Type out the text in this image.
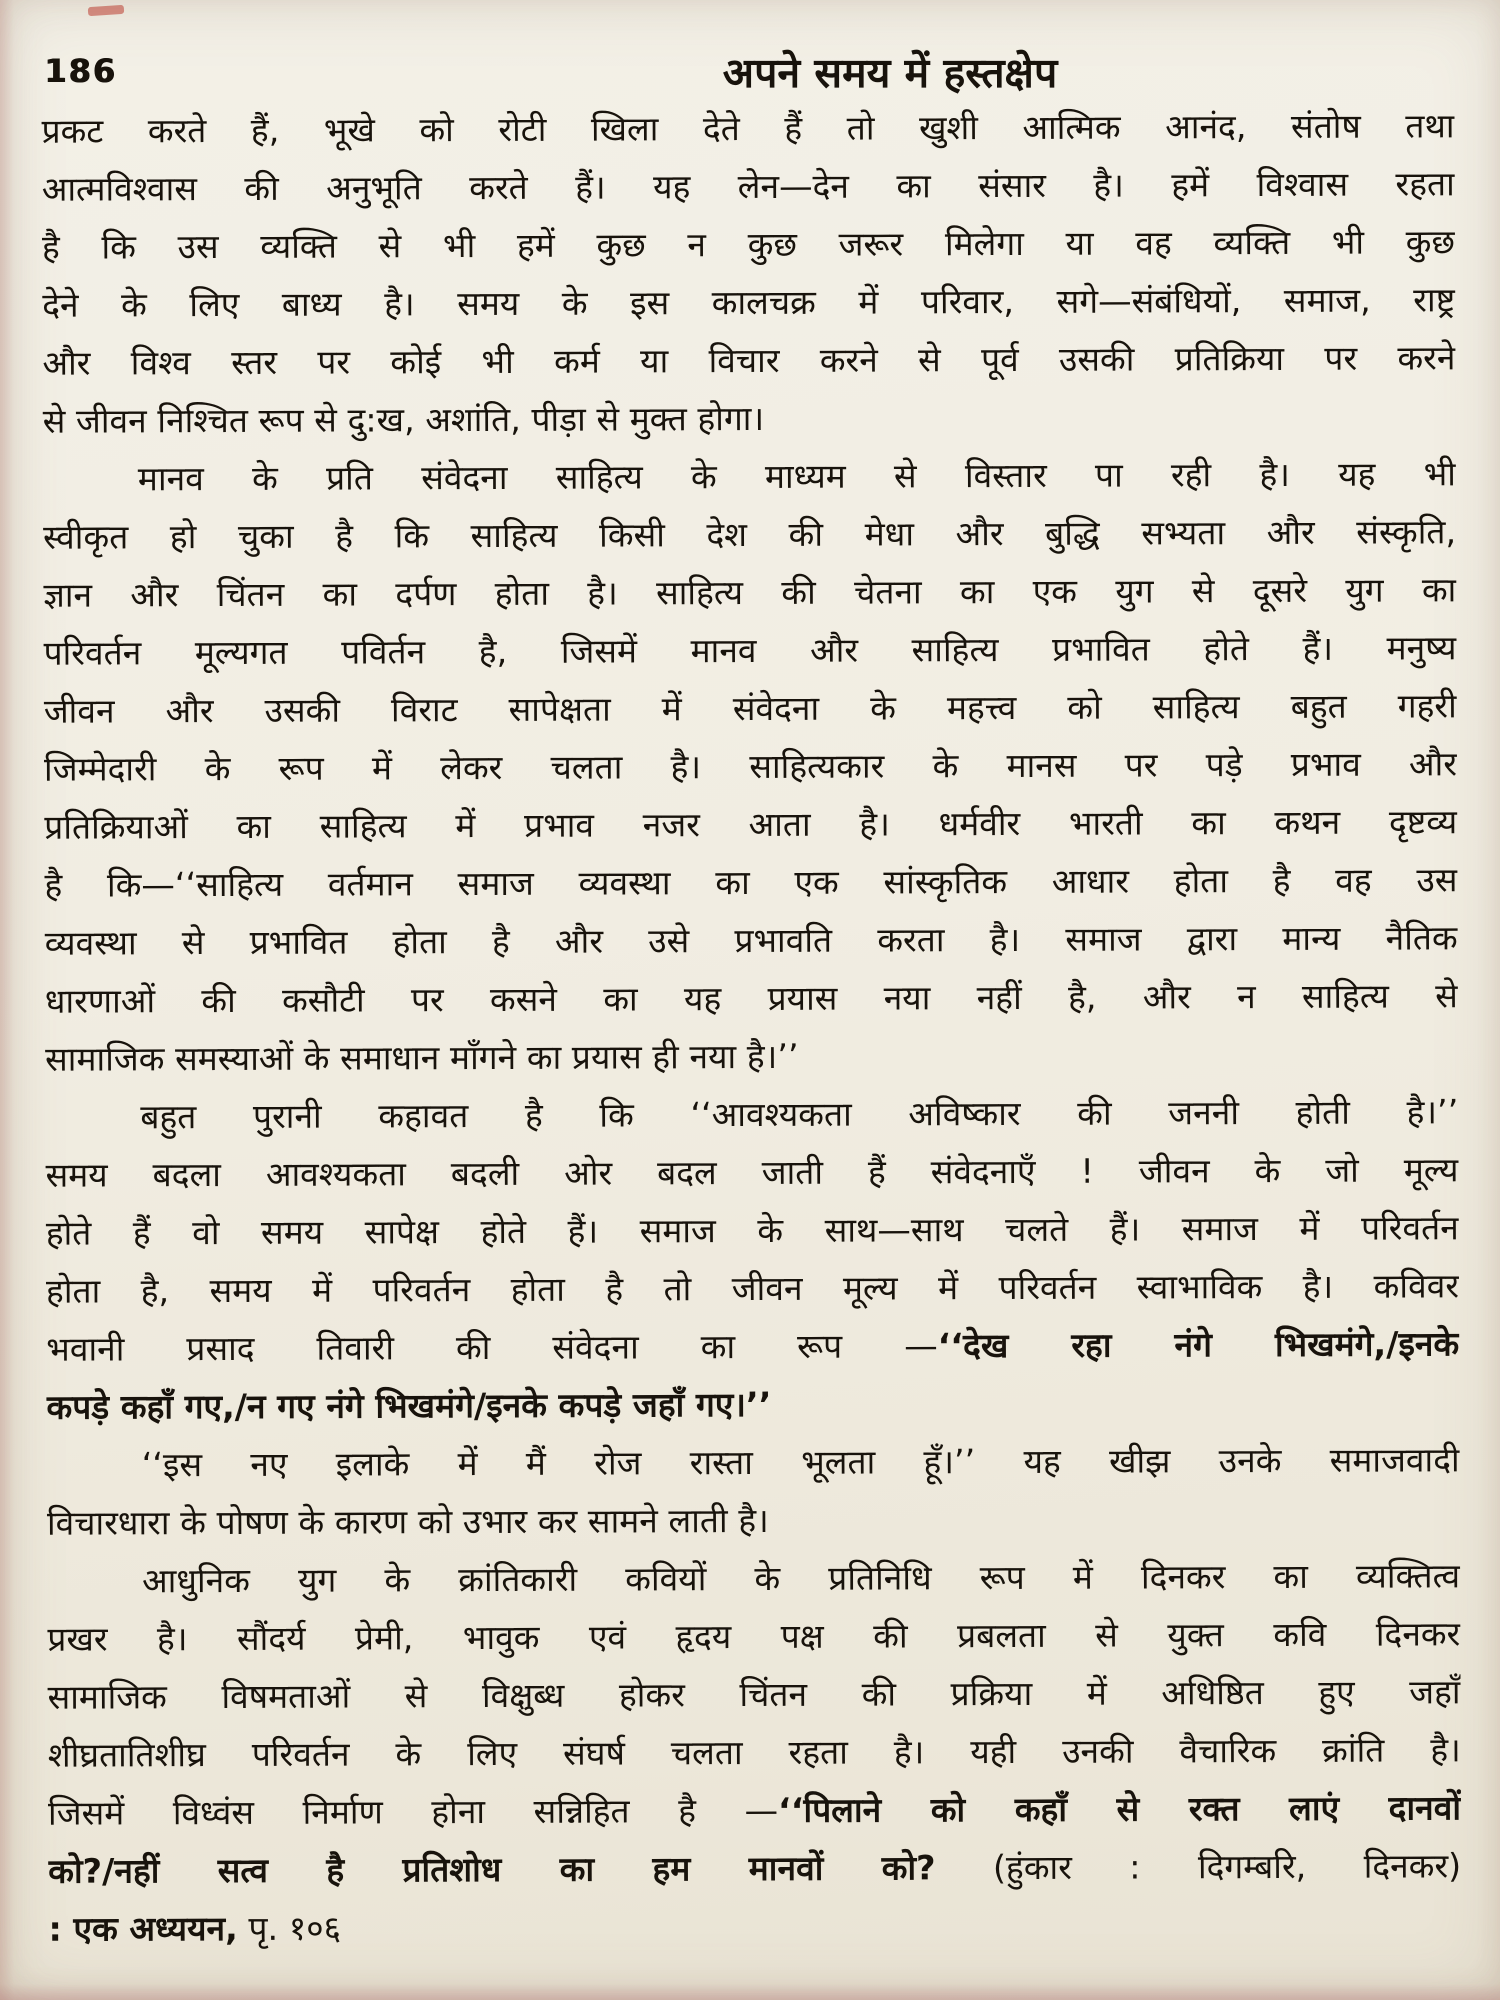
186	अपने समय में हस्तक्षेप
प्रकट करते हैं, भूखे को रोटी खिला देते हैं तो खुशी आत्मिक आनंद, संतोष तथा
आत्मविश्वास की अनुभूति करते हैं। यह लेन—देन का संसार है। हमें विश्वास रहता
है कि उस व्यक्ति से भी हमें कुछ न कुछ जरूर मिलेगा या वह व्यक्ति भी कुछ
देने के लिए बाध्य है। समय के इस कालचक्र में परिवार, सगे—संबंधियों, समाज, राष्ट्र
और विश्व स्तर पर कोई भी कर्म या विचार करने से पूर्व उसकी प्रतिक्रिया पर करने
से जीवन निश्चित रूप से दु:ख, अशांति, पीड़ा से मुक्त होगा।
मानव के प्रति संवेदना साहित्य के माध्यम से विस्तार पा रही है। यह भी
स्वीकृत हो चुका है कि साहित्य किसी देश की मेधा और बुद्धि सभ्यता और संस्कृति,
ज्ञान और चिंतन का दर्पण होता है। साहित्य की चेतना का एक युग से दूसरे युग का
परिवर्तन मूल्यगत पविर्तन है, जिसमें मानव और साहित्य प्रभावित होते हैं। मनुष्य
जीवन और उसकी विराट सापेक्षता में संवेदना के महत्त्व को साहित्य बहुत गहरी
जिम्मेदारी के रूप में लेकर चलता है। साहित्यकार के मानस पर पड़े प्रभाव और
प्रतिक्रियाओं का साहित्य में प्रभाव नजर आता है। धर्मवीर भारती का कथन दृष्टव्य
है कि—‘‘साहित्य वर्तमान समाज व्यवस्था का एक सांस्कृतिक आधार होता है वह उस
व्यवस्था से प्रभावित होता है और उसे प्रभावति करता है। समाज द्वारा मान्य नैतिक
धारणाओं की कसौटी पर कसने का यह प्रयास नया नहीं है, और न साहित्य से
सामाजिक समस्याओं के समाधान माँगने का प्रयास ही नया है।’’
बहुत पुरानी कहावत है कि ‘‘आवश्यकता अविष्कार की जननी होती है।’’
समय बदला आवश्यकता बदली ओर बदल जाती हैं संवेदनाएँ ! जीवन के जो मूल्य
होते हैं वो समय सापेक्ष होते हैं। समाज के साथ—साथ चलते हैं। समाज में परिवर्तन
होता है, समय में परिवर्तन होता है तो जीवन मूल्य में परिवर्तन स्वाभाविक है। कविवर
भवानी प्रसाद तिवारी की संवेदना का रूप —‘‘देख रहा नंगे भिखमंगे,/इनके
कपड़े कहाँ गए,/न गए नंगे भिखमंगे/इनके कपड़े जहाँ गए।’’
‘‘इस नए इलाके में मैं रोज रास्ता भूलता हूँ।’’ यह खीझ उनके समाजवादी
विचारधारा के पोषण के कारण को उभार कर सामने लाती है।
आधुनिक युग के क्रांतिकारी कवियों के प्रतिनिधि रूप में दिनकर का व्यक्तित्व
प्रखर है। सौंदर्य प्रेमी, भावुक एवं हृदय पक्ष की प्रबलता से युक्त कवि दिनकर
सामाजिक विषमताओं से विक्षुब्ध होकर चिंतन की प्रक्रिया में अधिष्ठित हुए जहाँ
शीघ्रतातिशीघ्र परिवर्तन के लिए संघर्ष चलता रहता है। यही उनकी वैचारिक क्रांति है।
जिसमें विध्वंस निर्माण होना सन्निहित है —‘‘पिलाने को कहाँ से रक्त लाएं दानवों
को?/नहीं सत्व है प्रतिशोध का हम मानवों को? (हुंकार : दिगम्बरि, दिनकर)
: एक अध्ययन, पृ. १०६
